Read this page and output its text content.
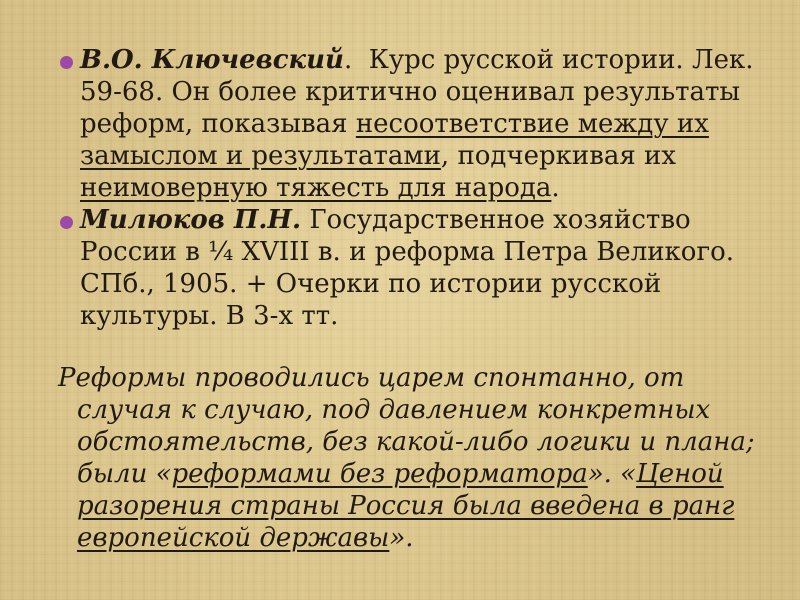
В.О. Ключевский.  Курс русской истории. Лек.
59-68. Он более критично оценивал результаты
реформ, показывая несоответствие между их
замыслом и результатами, подчеркивая их
неимоверную тяжесть для народа.
Милюков П.Н. Государственное хозяйство
России в ¼ XVIII в. и реформа Петра Великого.
СПб., 1905. + Очерки по истории русской
культуры. В 3-х тт.
Реформы проводились царем спонтанно, от
случая к случаю, под давлением конкретных
обстоятельств, без какой-либо логики и плана;
были «реформами без реформатора». «Ценой
разорения страны Россия была введена в ранг
европейской державы».
